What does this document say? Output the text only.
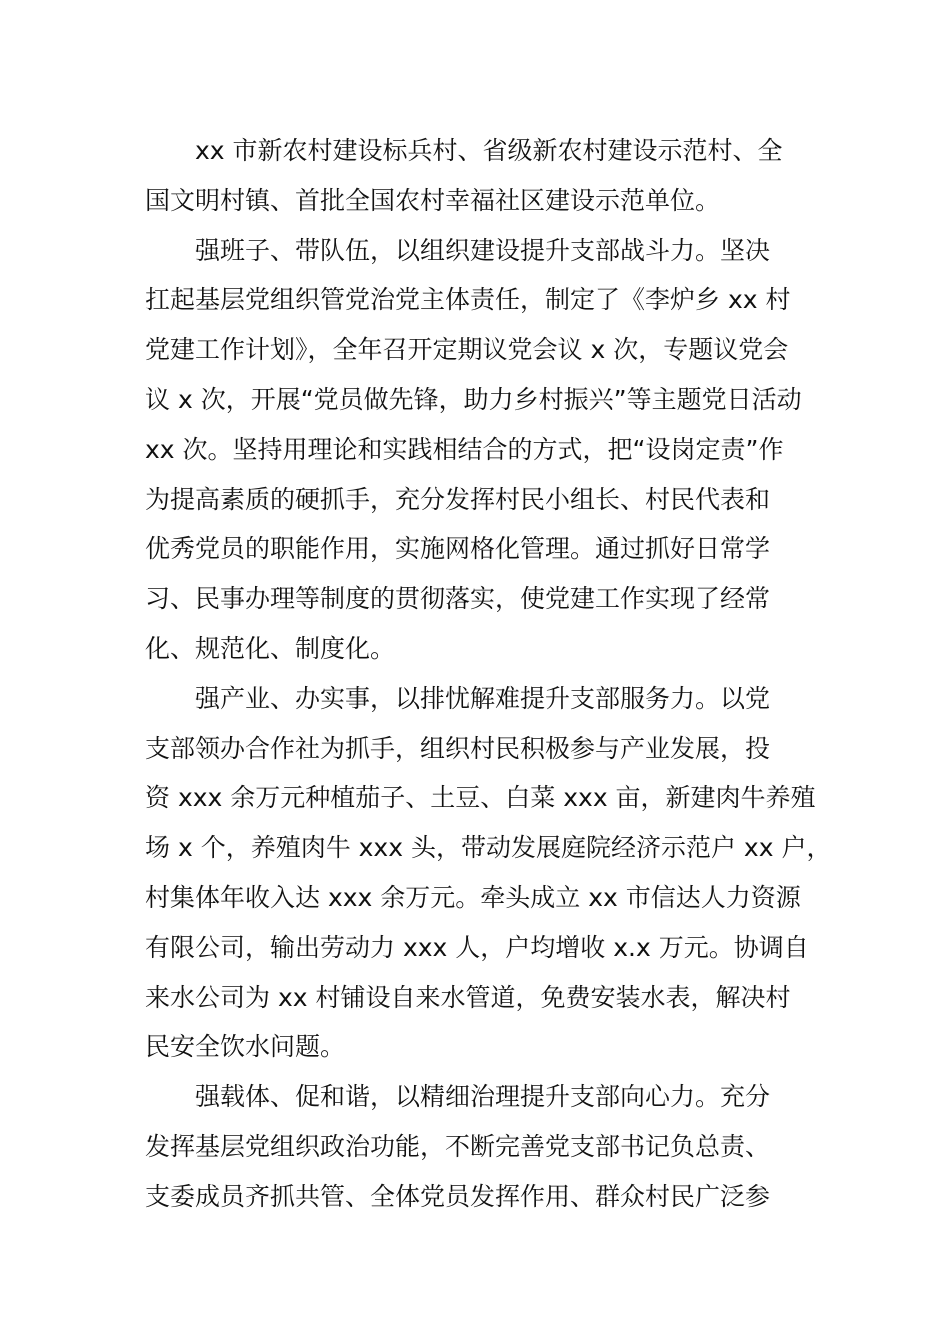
xx 市新农村建设标兵村、省级新农村建设示范村、全
国文明村镇、首批全国农村幸福社区建设示范单位。
强班子、带队伍，以组织建设提升支部战斗力。坚决
扛起基层党组织管党治党主体责任，制定了《李炉乡 xx 村
党建工作计划》，全年召开定期议党会议 x 次，专题议党会
议 x 次，开展“党员做先锋，助力乡村振兴”等主题党日活动
xx 次。坚持用理论和实践相结合的方式，把“设岗定责”作
为提高素质的硬抓手，充分发挥村民小组长、村民代表和
优秀党员的职能作用，实施网格化管理。通过抓好日常学
习、民事办理等制度的贯彻落实，使党建工作实现了经常
化、规范化、制度化。
强产业、办实事，以排忧解难提升支部服务力。以党
支部领办合作社为抓手，组织村民积极参与产业发展，投
资 xxx 余万元种植茄子、土豆、白菜 xxx 亩，新建肉牛养殖
场 x 个，养殖肉牛 xxx 头，带动发展庭院经济示范户 xx 户，
村集体年收入达 xxx 余万元。牵头成立 xx 市信达人力资源
有限公司，输出劳动力 xxx 人，户均增收 x.x 万元。协调自
来水公司为 xx 村铺设自来水管道，免费安装水表，解决村
民安全饮水问题。
强载体、促和谐，以精细治理提升支部向心力。充分
发挥基层党组织政治功能，不断完善党支部书记负总责、
支委成员齐抓共管、全体党员发挥作用、群众村民广泛参
